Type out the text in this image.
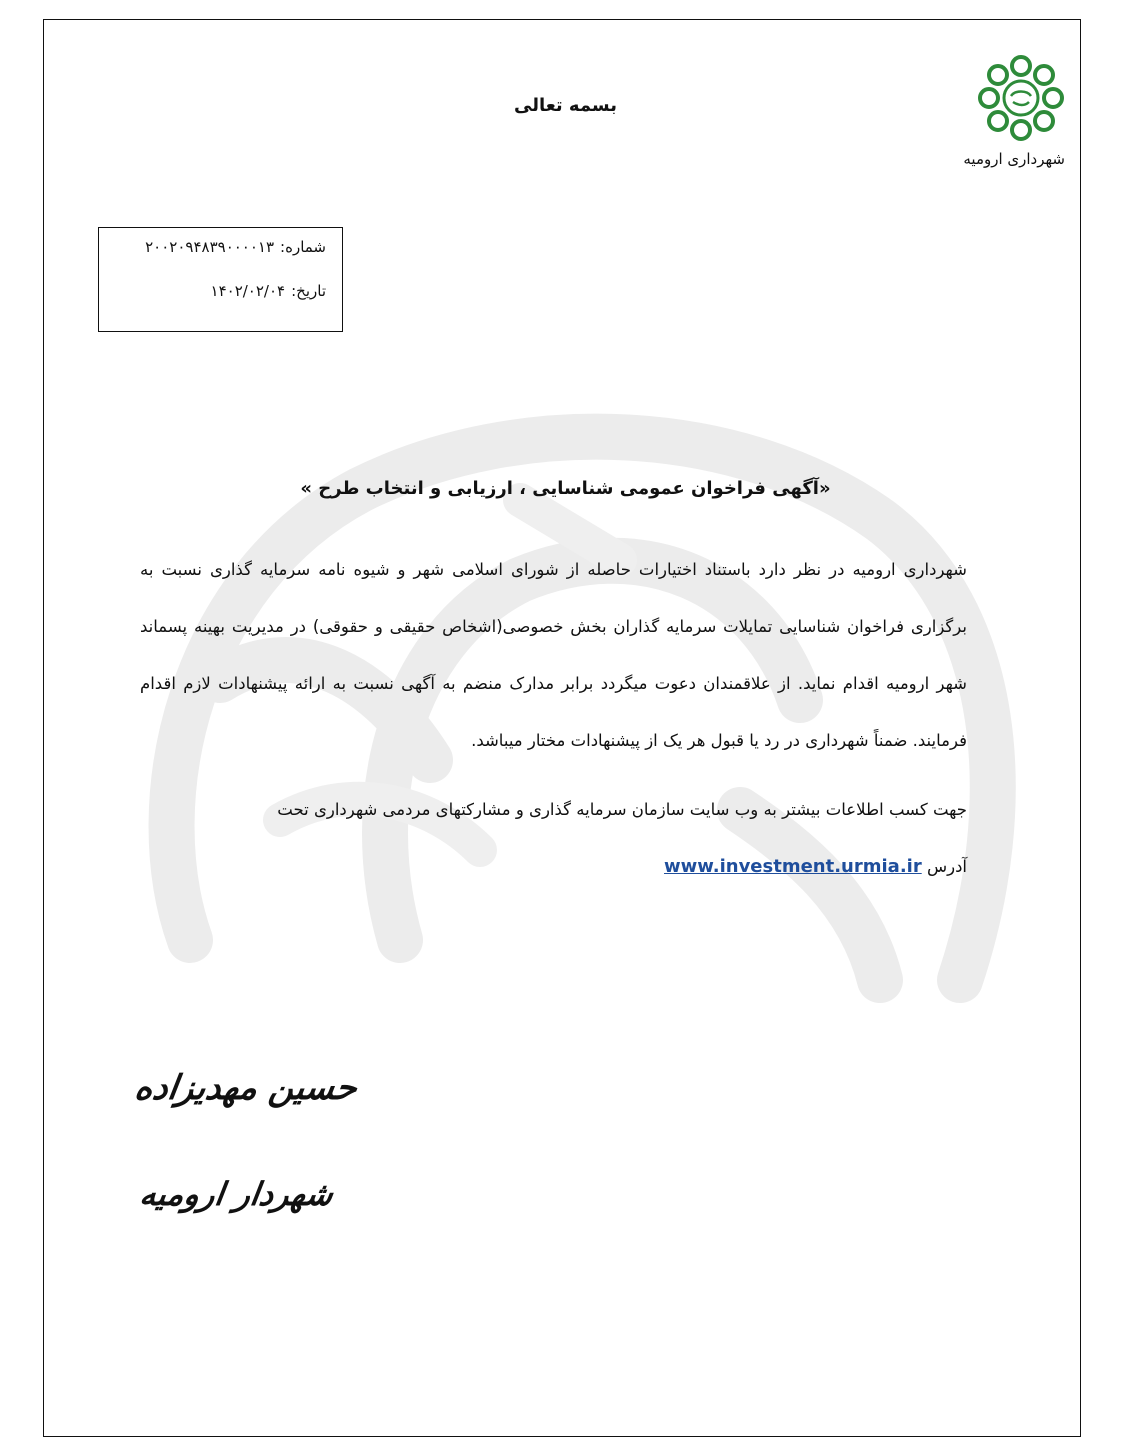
شهرداری ارومیه
بسمه تعالی
شماره:
۲۰۰۲۰۹۴۸۳۹۰۰۰۰۱۳
تاریخ:
۱۴۰۲/۰۲/۰۴
«آگهی فراخوان عمومی شناسایی ، ارزیابی و انتخاب طرح »

شهرداری ارومیه در نظر دارد باستناد اختیارات حاصله از شورای اسلامی شهر و شیوه نامه سرمایه گذاری نسبت به برگزاری فراخوان شناسایی تمایلات سرمایه گذاران بخش خصوصی(اشخاص حقیقی و حقوقی) در مدیریت بهینه پسماند شهر ارومیه اقدام نماید. از علاقمندان دعوت میگردد برابر مدارک منضم به آگهی نسبت به ارائه پیشنهادات لازم اقدام فرمایند. ضمناً شهرداری در رد یا قبول هر یک از پیشنهادات مختار میباشد.

جهت کسب اطلاعات بیشتر به وب سایت سازمان سرمایه گذاری و مشارکتهای مردمی شهرداری تحت
آدرس www.investment.urmia.ir

حسین مهدیزاده
شهردار ارومیه
